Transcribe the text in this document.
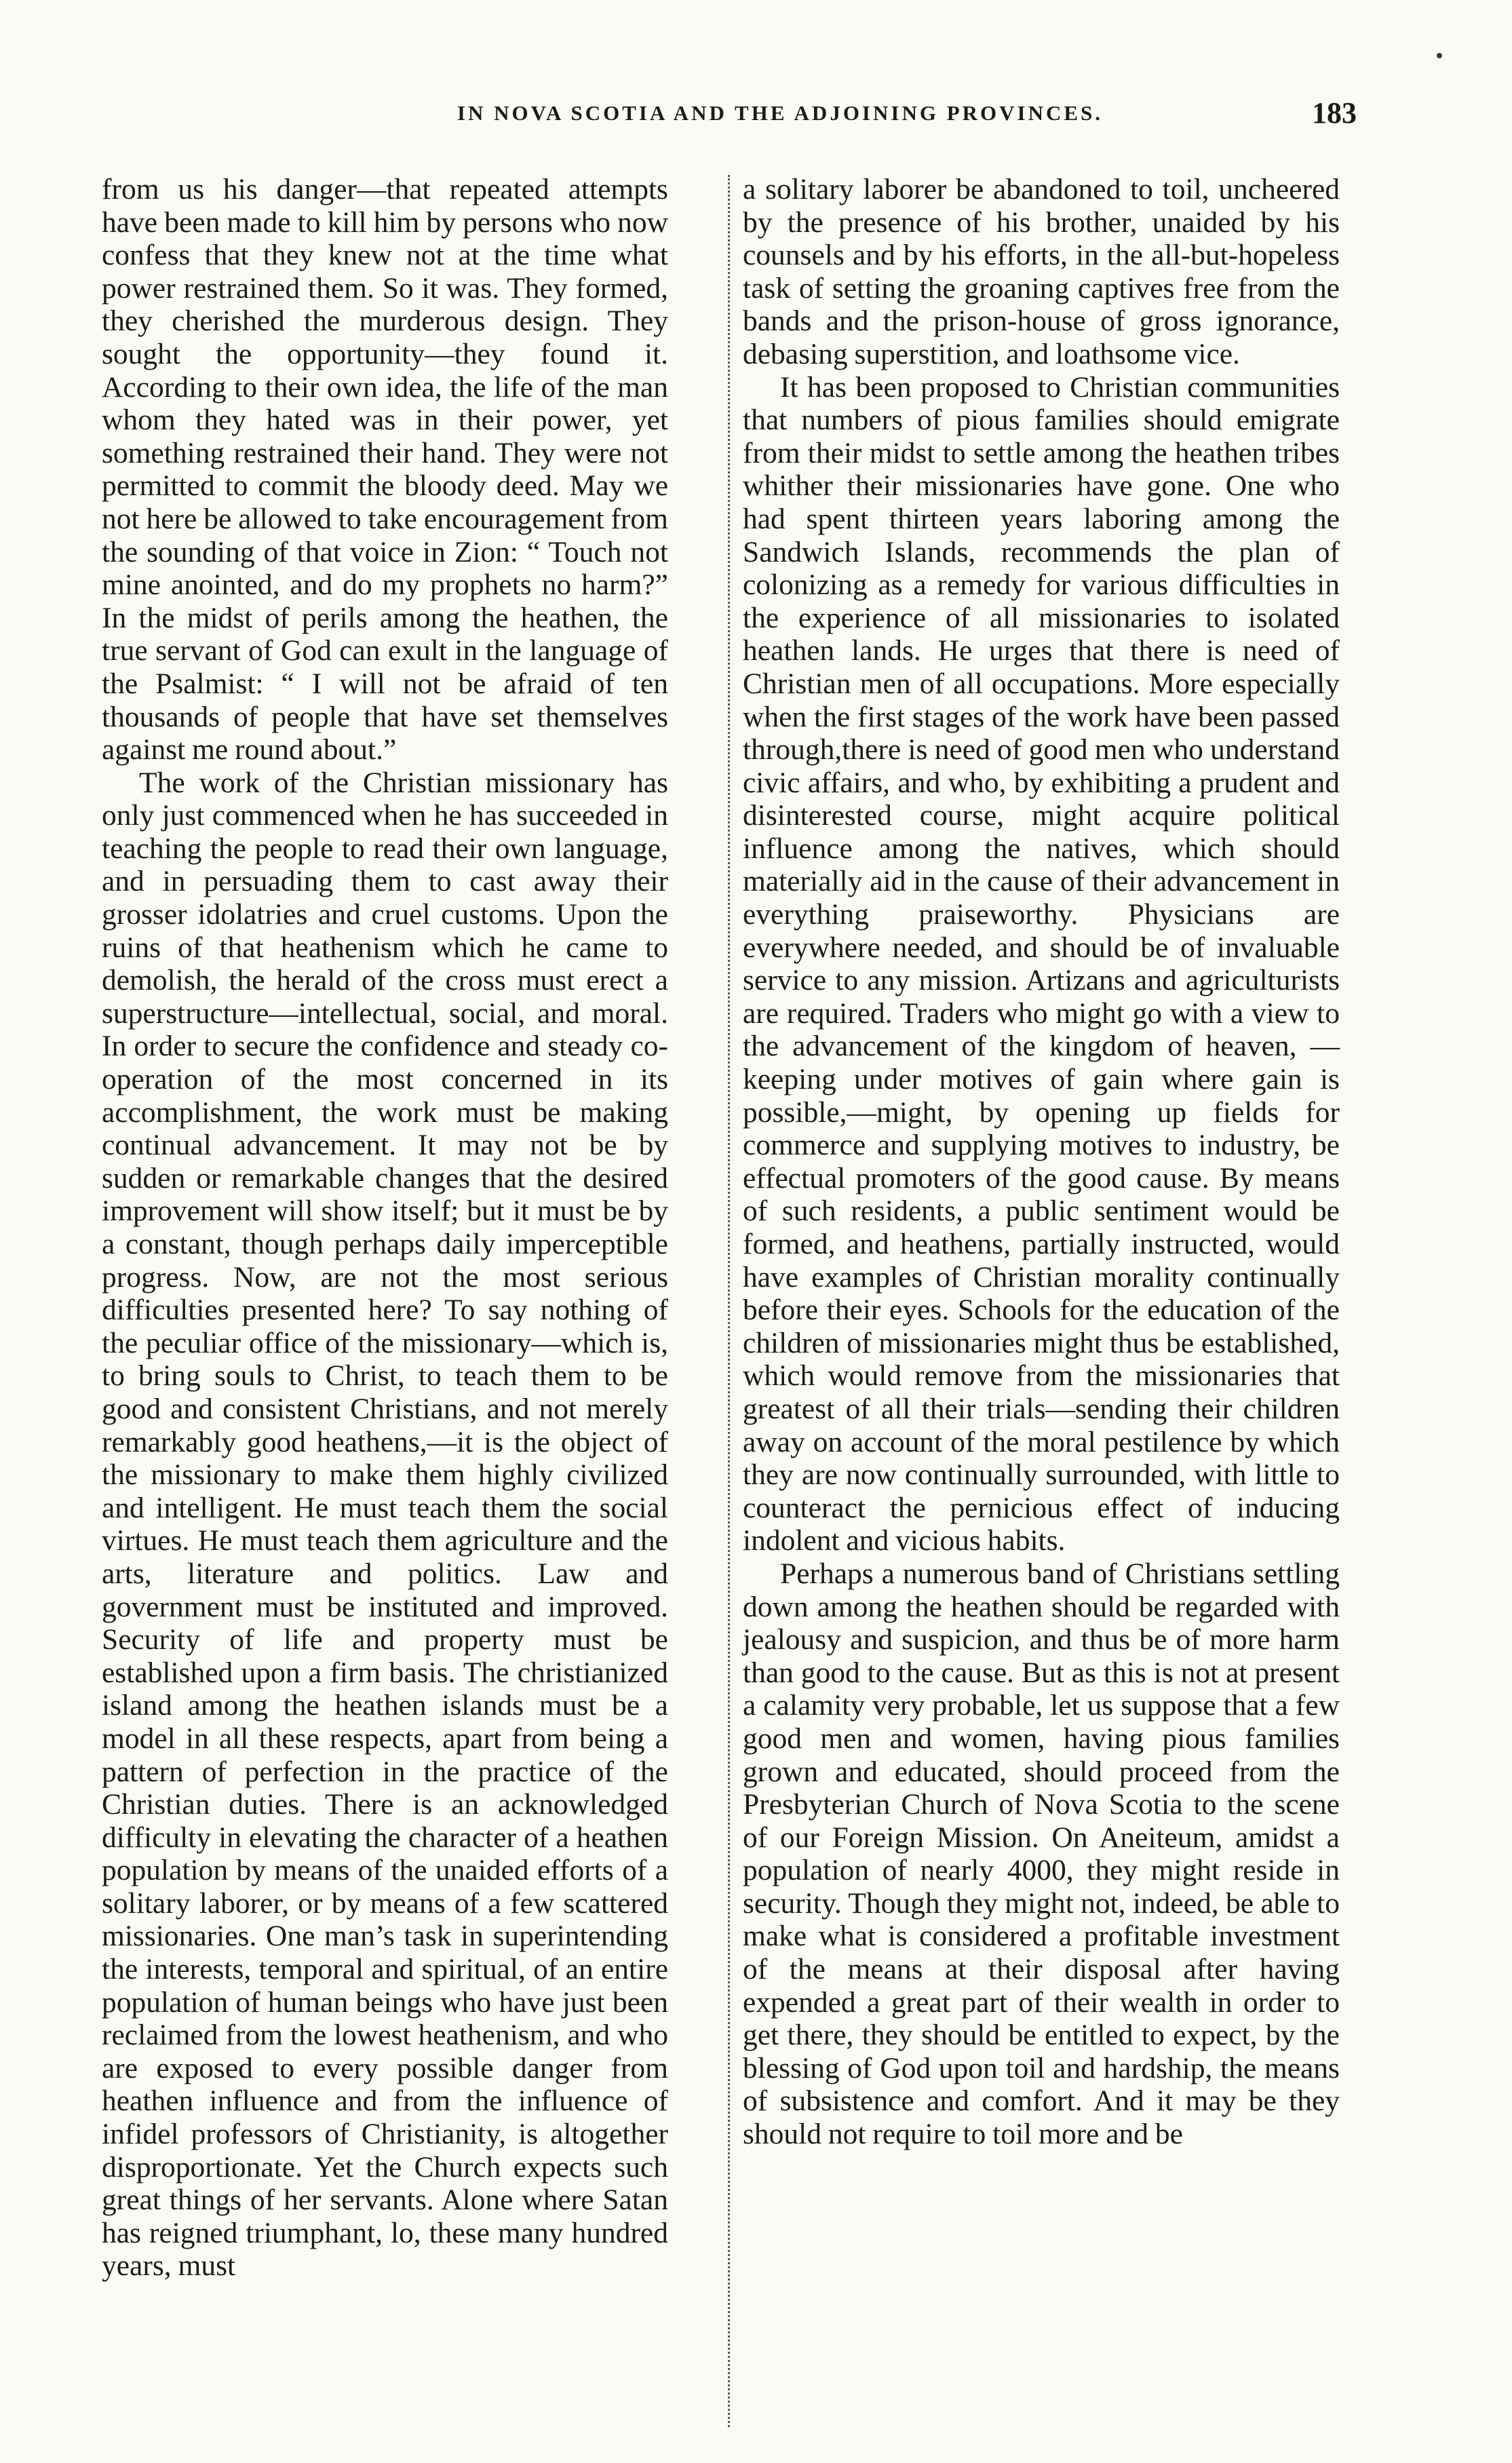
IN NOVA SCOTIA AND THE ADJOINING PROVINCES.	183

from us his danger—that repeated attempts have been made to kill him by persons who now confess that they knew not at the time what power restrained them. So it was. They formed, they cherished the murderous design. They sought the opportunity—they found it. According to their own idea, the life of the man whom they hated was in their power, yet something restrained their hand. They were not permitted to commit the bloody deed. May we not here be allowed to take encouragement from the sounding of that voice in Zion: “ Touch not mine anointed, and do my prophets no harm?” In the midst of perils among the heathen, the true servant of God can exult in the language of the Psalmist: “ I will not be afraid of ten thousands of people that have set themselves against me round about.”

The work of the Christian missionary has only just commenced when he has succeeded in teaching the people to read their own language, and in persuading them to cast away their grosser idolatries and cruel customs. Upon the ruins of that heathenism which he came to demolish, the herald of the cross must erect a superstructure—intellectual, social, and moral. In order to secure the confidence and steady co-operation of the most concerned in its accomplishment, the work must be making continual advancement. It may not be by sudden or remarkable changes that the desired improvement will show itself; but it must be by a constant, though perhaps daily imperceptible progress. Now, are not the most serious difficulties presented here? To say nothing of the peculiar office of the missionary—which is, to bring souls to Christ, to teach them to be good and consistent Christians, and not merely remarkably good heathens,—it is the object of the missionary to make them highly civilized and intelligent. He must teach them the social virtues. He must teach them agriculture and the arts, literature and politics. Law and government must be instituted and improved. Security of life and property must be established upon a firm basis. The christianized island among the heathen islands must be a model in all these respects, apart from being a pattern of perfection in the practice of the Christian duties. There is an acknowledged difficulty in elevating the character of a heathen population by means of the unaided efforts of a solitary laborer, or by means of a few scattered missionaries. One man’s task in superintending the interests, temporal and spiritual, of an entire population of human beings who have just been reclaimed from the lowest heathenism, and who are exposed to every possible danger from heathen influence and from the influence of infidel professors of Christianity, is altogether disproportionate. Yet the Church expects such great things of her servants. Alone where Satan has reigned triumphant, lo, these many hundred years, must

a solitary laborer be abandoned to toil, uncheered by the presence of his brother, unaided by his counsels and by his efforts, in the all-but-hopeless task of setting the groaning captives free from the bands and the prison-house of gross ignorance, debasing superstition, and loathsome vice.

It has been proposed to Christian communities that numbers of pious families should emigrate from their midst to settle among the heathen tribes whither their missionaries have gone. One who had spent thirteen years laboring among the Sandwich Islands, recommends the plan of colonizing as a remedy for various difficulties in the experience of all missionaries to isolated heathen lands. He urges that there is need of Christian men of all occupations. More especially when the first stages of the work have been passed through,there is need of good men who understand civic affairs, and who, by exhibiting a prudent and disinterested course, might acquire political influence among the natives, which should materially aid in the cause of their advancement in everything praiseworthy. Physicians are everywhere needed, and should be of invaluable service to any mission. Artizans and agriculturists are required. Traders who might go with a view to the advancement of the kingdom of heaven, —keeping under motives of gain where gain is possible,—might, by opening up fields for commerce and supplying motives to industry, be effectual promoters of the good cause. By means of such residents, a public sentiment would be formed, and heathens, partially instructed, would have examples of Christian morality continually before their eyes. Schools for the education of the children of missionaries might thus be established, which would remove from the missionaries that greatest of all their trials—sending their children away on account of the moral pestilence by which they are now continually surrounded, with little to counteract the pernicious effect of inducing indolent and vicious habits.

Perhaps a numerous band of Christians settling down among the heathen should be regarded with jealousy and suspicion, and thus be of more harm than good to the cause. But as this is not at present a calamity very probable, let us suppose that a few good men and women, having pious families grown and educated, should proceed from the Presbyterian Church of Nova Scotia to the scene of our Foreign Mission. On Aneiteum, amidst a population of nearly 4000, they might reside in security. Though they might not, indeed, be able to make what is considered a profitable investment of the means at their disposal after having expended a great part of their wealth in order to get there, they should be entitled to expect, by the blessing of God upon toil and hardship, the means of subsistence and comfort. And it may be they should not require to toil more and be
